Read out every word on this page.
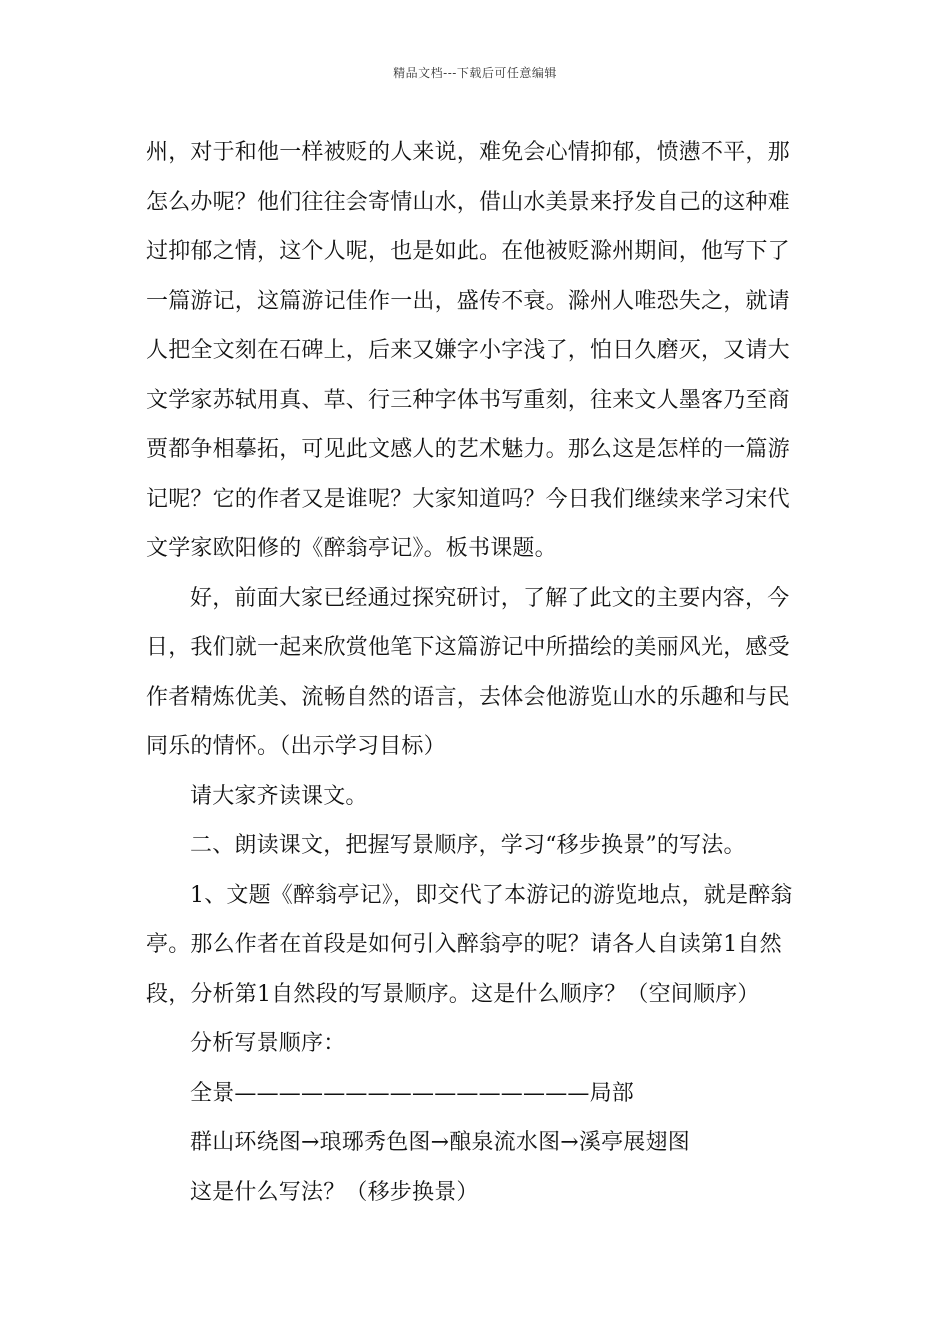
精品文档---下载后可任意编辑
州，对于和他一样被贬的人来说，难免会心情抑郁，愤懑不平，那
怎么办呢？他们往往会寄情山水，借山水美景来抒发自己的这种难
过抑郁之情，这个人呢，也是如此。在他被贬滁州期间，他写下了
一篇游记，这篇游记佳作一出，盛传不衰。滁州人唯恐失之，就请
人把全文刻在石碑上，后来又嫌字小字浅了，怕日久磨灭，又请大
文学家苏轼用真、草、行三种字体书写重刻，往来文人墨客乃至商
贾都争相摹拓，可见此文感人的艺术魅力。那么这是怎样的一篇游
记呢？它的作者又是谁呢？大家知道吗？今日我们继续来学习宋代
文学家欧阳修的《醉翁亭记》。板书课题。
好，前面大家已经通过探究研讨，了解了此文的主要内容，今
日，我们就一起来欣赏他笔下这篇游记中所描绘的美丽风光，感受
作者精炼优美、流畅自然的语言，去体会他游览山水的乐趣和与民
同乐的情怀。（出示学习目标）
请大家齐读课文。
二、朗读课文，把握写景顺序，学习“移步换景”的写法。
1、文题《醉翁亭记》，即交代了本游记的游览地点，就是醉翁
亭。那么作者在首段是如何引入醉翁亭的呢？请各人自读第1自然
段，分析第1自然段的写景顺序。这是什么顺序？（空间顺序）
分析写景顺序：
全景————————————————局部
群山环绕图→琅琊秀色图→酿泉流水图→溪亭展翅图
这是什么写法？（移步换景）
